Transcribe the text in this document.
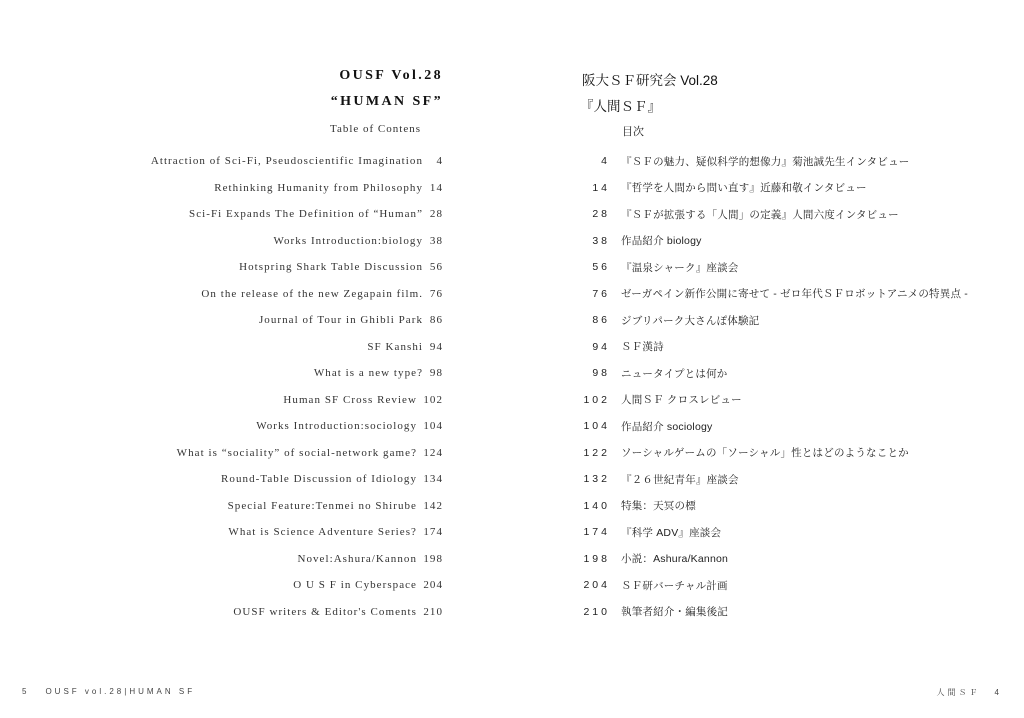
OUSF Vol.28
“HUMAN SF”
Table of Contens
Attraction of Sci-Fi, Pseudoscientific Imagination	4
Rethinking Humanity from Philosophy 14
Sci-Fi Expands The Definition of “Human” 28
Works Introduction:biology 38
Hotspring Shark Table Discussion 56
On the release of the new Zegapain film. 76
Journal of Tour in Ghibli Park 86
SF Kanshi 94
What is a new type? 98
Human SF Cross Review 102
Works Introduction:sociology 104
What is “sociality” of social-network game? 124
Round-Table Discussion of Idiology 134
Special Feature:Tenmei no Shirube 142
What is Science Adventure Series? 174
Novel:Ashura/Kannon 198
O U S F in Cyberspace 204
OUSF writers & Editor's Coments 210
5 OUSF vol.28|HUMAN SF
阪大ＳＦ研究会 Vol.28
『人間ＳＦ』
目次
4 『ＳＦの魅力、疑似科学的想像力』菊池誠先生インタビュー
14 『哲学を人間から問い直す』近藤和敬インタビュー
28 『ＳＦが拡張する「人間」の定義』人間六度インタビュー
38 作品紹介 biology
56 『温泉シャーク』座談会
76 ゼーガペイン新作公開に寄せて - ゼロ年代ＳＦロボットアニメの特異点 -
86 ジブリパーク大さんぽ体験記
94 ＳＦ漢詩
98 ニュータイプとは何か
102 人間ＳＦ クロスレビュー
104 作品紹介 sociology
122 ソーシャルゲームの「ソーシャル」性とはどのようなことか
132 『２６世紀青年』座談会
140 特集：天冥の標
174 『科学 ADV』座談会
198 小説：Ashura/Kannon
204 ＳＦ研バーチャル計画
210 執筆者紹介・編集後記
人間ＳＦ 4
